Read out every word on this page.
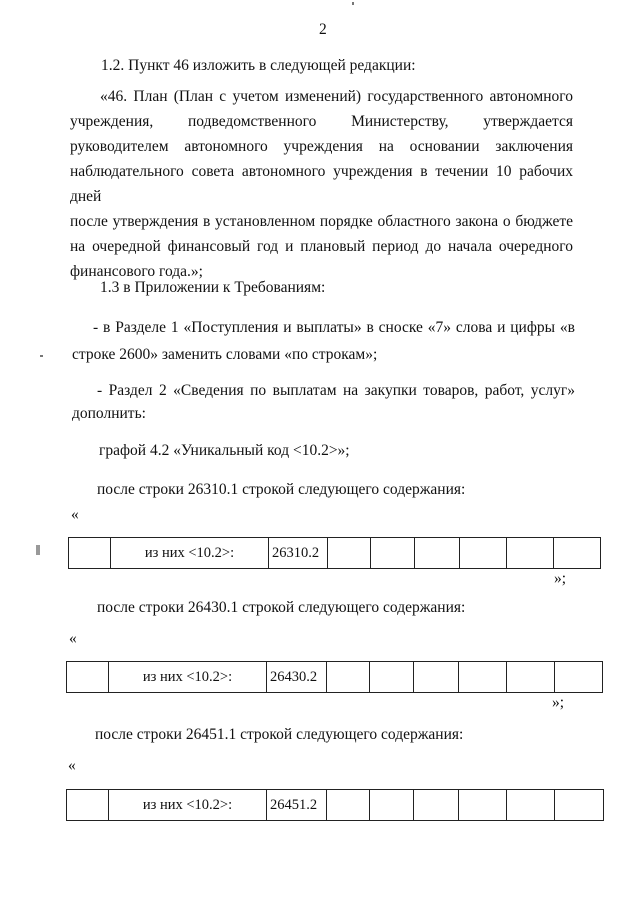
2
1.2. Пункт 46 изложить в следующей редакции:
«46. План (План с учетом изменений) государственного автономного
учреждения, подведомственного Министерству, утверждается
руководителем автономного учреждения на основании заключения
наблюдательного совета автономного учреждения в течении 10 рабочих дней
после утверждения в установленном порядке областного закона о бюджете
на очередной финансовый год и плановый период до начала очередного
финансового года.»;
1.3 в Приложении к Требованиям:
- в Разделе 1 «Поступления и выплаты» в сноске «7» слова и цифры «в
строке 2600» заменить словами «по строкам»;
- Раздел 2 «Сведения по выплатам на закупки товаров, работ, услуг»
дополнить:
графой 4.2 «Уникальный код <10.2>»;
после строки 26310.1 строкой следующего содержания:
«
	из них <10.2>:	26310.2						
»;
после строки 26430.1 строкой следующего содержания:
«
	из них <10.2>:	26430.2						
»;
после строки 26451.1 строкой следующего содержания:
«
	из них <10.2>:	26451.2						
